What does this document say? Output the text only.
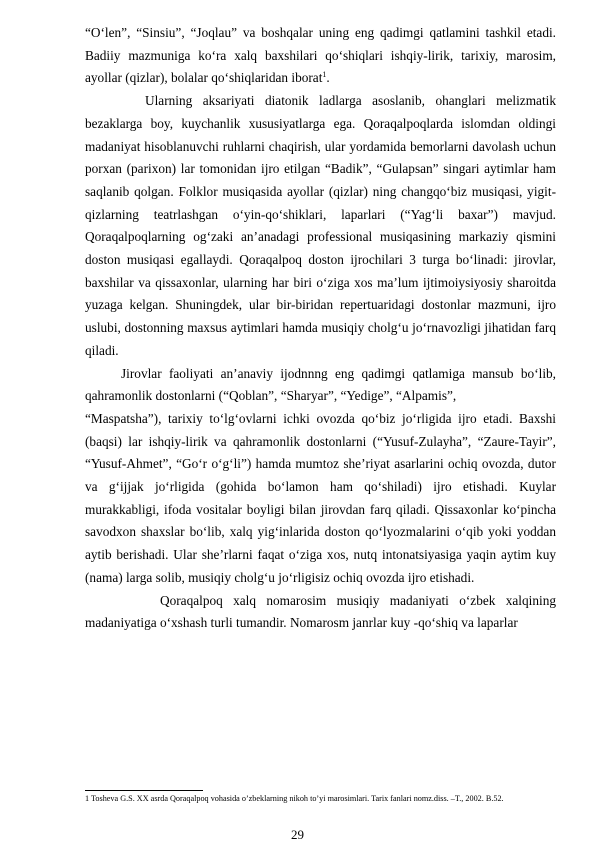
“O‘len”, “Sinsiu”, “Joqlau” va boshqalar uning eng qadimgi qatlamini tashkil etadi. Badiiy mazmuniga ko‘ra xalq baxshilari qo‘shiqlari ishqiy-lirik, tarixiy, marosim, ayollar (qizlar), bolalar qo‘shiqlaridan iborat$^1$.

Ularning aksariyati diatonik ladlarga asoslanib, ohanglari melizmatik bezaklarga boy, kuychanlik xususiyatlarga ega. Qoraqalpoqlarda islomdan oldingi madaniyat hisoblanuvchi ruhlarni chaqirish, ular yordamida bemorlarni davolash uchun porxan (parixon) lar tomonidan ijro etilgan “Badik”, “Gulapsan” singari aytimlar ham saqlanib qolgan. Folklor musiqasida ayollar (qizlar) ning changqo‘biz musiqasi, yigit-qizlarning teatrlashgan o‘yin-qo‘shiklari, laparlari (“Yag‘li baxar”) mavjud. Qoraqalpoqlarning og‘zaki an’anadagi professional musiqasining markaziy qismini doston musiqasi egallaydi. Qoraqalpoq doston ijrochilari 3 turga bo‘linadi: jirovlar, baxshilar va qissaxonlar, ularning har biri o‘ziga xos ma’lum ijtimoiysiyosiy sharoitda yuzaga kelgan. Shuningdek, ular bir-biridan repertuaridagi dostonlar mazmuni, ijro uslubi, dostonning maxsus aytimlari hamda musiqiy cholg‘u jo‘rnavozligi jihatidan farq qiladi.

Jirovlar faoliyati an’anaviy ijodnnng eng qadimgi qatlamiga mansub bo‘lib, qahramonlik dostonlarni (“Qoblan”, “Sharyar”, “Yedige”, “Alpamis”,

“Maspatsha”), tarixiy to‘lg‘ovlarni ichki ovozda qo‘biz jo‘rligida ijro etadi. Baxshi (baqsi) lar ishqiy-lirik va qahramonlik dostonlarni (“Yusuf-Zulayha”, “Zaure-Tayir”, “Yusuf-Ahmet”, “Go‘r o‘g‘li”) hamda mumtoz she’riyat asarlarini ochiq ovozda, dutor va g‘ijjak jo‘rligida (gohida bo‘lamon ham qo‘shiladi) ijro etishadi. Kuylar murakkabligi, ifoda vositalar boyligi bilan jirovdan farq qiladi. Qissaxonlar ko‘pincha savodxon shaxslar bo‘lib, xalq yig‘inlarida doston qo‘lyozmalarini o‘qib yoki yoddan aytib berishadi. Ular she’rlarni faqat o‘ziga xos, nutq intonatsiyasiga yaqin aytim kuy (nama) larga solib, musiqiy cholg‘u jo‘rligisiz ochiq ovozda ijro etishadi.

Qoraqalpoq xalq nomarosim musiqiy madaniyati o‘zbek xalqining madaniyatiga o‘xshash turli tumandir. Nomarosm janrlar kuy -qo‘shiq va laparlar

1 Tosheva G.S. XX asrda Qoraqalpoq vohasida o’zbeklarning nikoh to’yi marosimlari. Tarix fanlari nomz.diss. –T., 2002. B.52.
29
